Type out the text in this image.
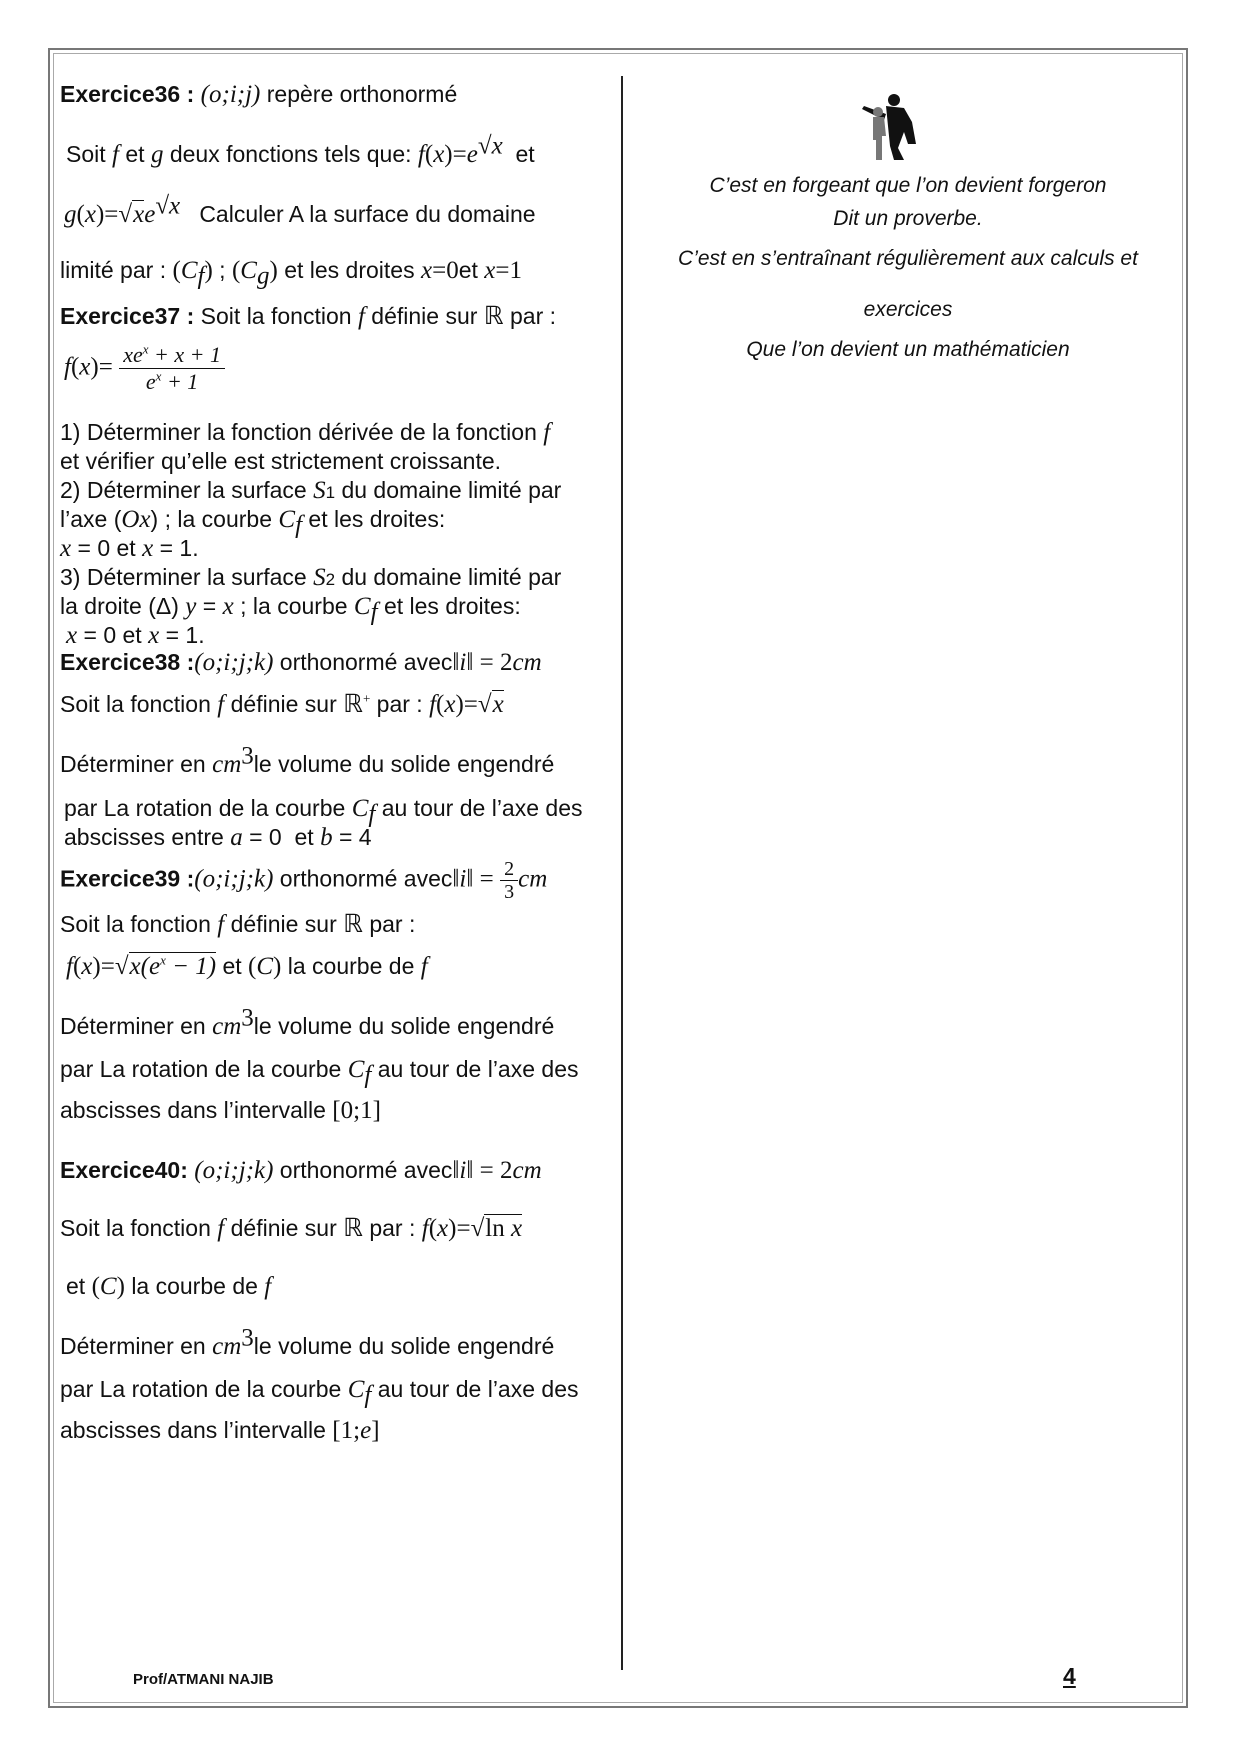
Exercice36 : (o;i;j) repère orthonormé
Soit f et g deux fonctions tels que: $f(x)=e^{√x}$ et
$g(x)=√xe^{√x}$ Calculer A la surface du domaine
limité par : $(C_f)$ ; $(C_g)$ et les droites x=0et x=1
Exercice37 : Soit la fonction f définie sur ℝ par :
$f(x)= \frac{xe^x + x + 1}{e^x + 1}$
1) Déterminer la fonction dérivée de la fonction f
et vérifier qu’elle est strictement croissante.
2) Déterminer la surface S1 du domaine limité par
l’axe (Ox) ; la courbe $C_f$ et les droites:
x = 0 et x = 1.
3) Déterminer la surface S2 du domaine limité par
la droite (Δ) y = x ; la courbe $C_f$ et les droites:
x = 0 et x = 1.
Exercice38 :(o;i;j;k) orthonormé avec‖i‖ = 2cm
Soit la fonction f définie sur ℝ+ par : f(x)=√x
Déterminer en $cm^3le$ volume du solide engendré
par La rotation de la courbe $C_f$ au tour de l’axe des
abscisses entre a = 0  et b = 4
Exercice39 :(o;i;j;k) orthonormé avec‖i‖ = $\frac{2}{3}$ cm
Soit la fonction f définie sur ℝ par :
$f(x)=√x(e^x - 1)$ et (C) la courbe de f
Déterminer en $cm^3le$ volume du solide engendré
par La rotation de la courbe $C_f$ au tour de l’axe des
abscisses dans l’intervalle [0;1]
Exercice40: (o;i;j;k) orthonormé avec‖i‖ = 2cm
Soit la fonction f définie sur ℝ par : f(x)=√ln x
et (C) la courbe de f
Déterminer en $cm^3le$ volume du solide engendré
par La rotation de la courbe $C_f$ au tour de l’axe des
abscisses dans l’intervalle [1;e]
C’est en forgeant que l’on devient forgeron
Dit un proverbe.
C’est en s’entraînant régulièrement aux calculs et
exercices
Que l’on devient un mathématicien
Prof/ATMANI NAJIB	4
